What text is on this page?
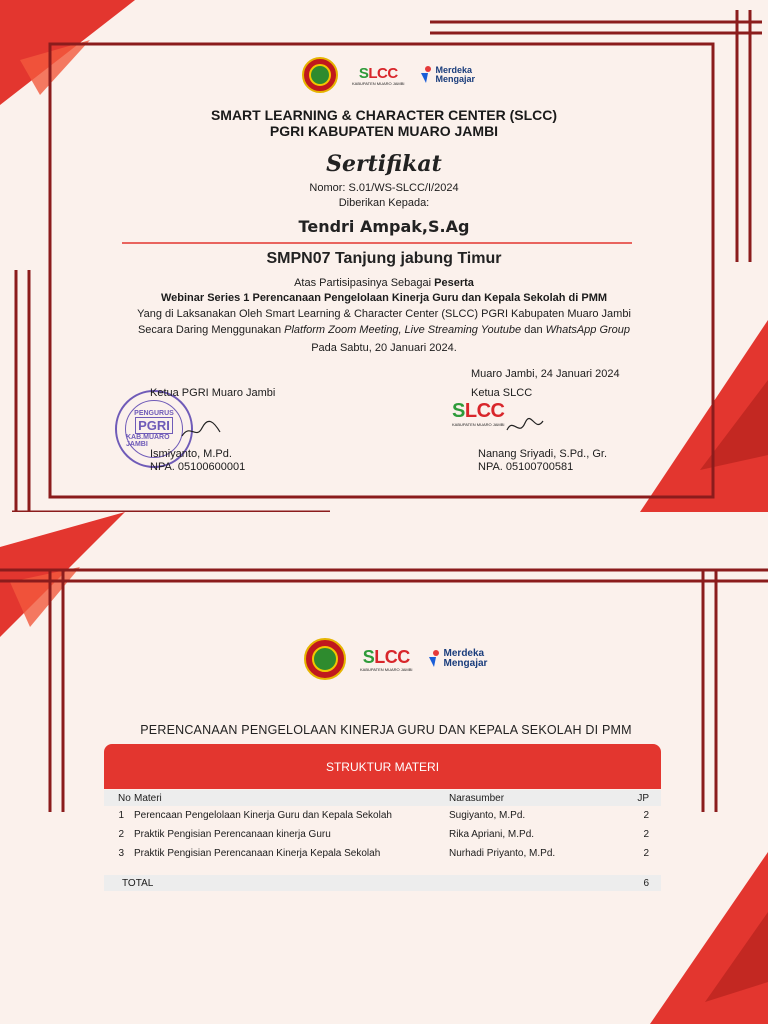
SLCC
KABUPATEN MUARO JAMBI
Merdeka
Mengajar
SMART LEARNING & CHARACTER CENTER (SLCC)
PGRI KABUPATEN MUARO JAMBI
Sertifikat
Nomor: S.01/WS-SLCC/I/2024
Diberikan Kepada:
Tendri Ampak,S.Ag
SMPN07 Tanjung jabung Timur
Atas Partisipasinya Sebagai Peserta
Webinar Series 1 Perencanaan Pengelolaan Kinerja Guru dan Kepala Sekolah di PMM
Yang di Laksanakan Oleh Smart Learning & Character Center (SLCC) PGRI Kabupaten Muaro Jambi
Secara Daring Menggunakan Platform Zoom Meeting, Live Streaming Youtube dan WhatsApp Group
Pada Sabtu, 20 Januari 2024.
Muaro Jambi, 24 Januari 2024
PENGURUS
PGRI
KAB.MUARO JAMBI
Ketua PGRI Muaro Jambi
Ismiyanto, M.Pd.
NPA. 05100600001
Ketua SLCC
SLCC
KABUPATEN MUARO JAMBI
Nanang Sriyadi, S.Pd., Gr.
NPA. 05100700581
SLCC
KABUPATEN MUARO JAMBI
Merdeka
Mengajar
PERENCANAAN PENGELOLAAN KINERJA GURU DAN KEPALA SEKOLAH DI PMM
STRUKTUR MATERI
No Materi	Narasumber	JP
1	Perencaan Pengelolaan Kinerja Guru dan Kepala Sekolah	Sugiyanto, M.Pd.	2
2	Praktik Pengisian Perencanaan kinerja Guru	Rika Apriani, M.Pd.	2
3	Praktik Pengisian Perencanaan Kinerja Kepala Sekolah	Nurhadi Priyanto, M.Pd.	2
TOTAL	6
